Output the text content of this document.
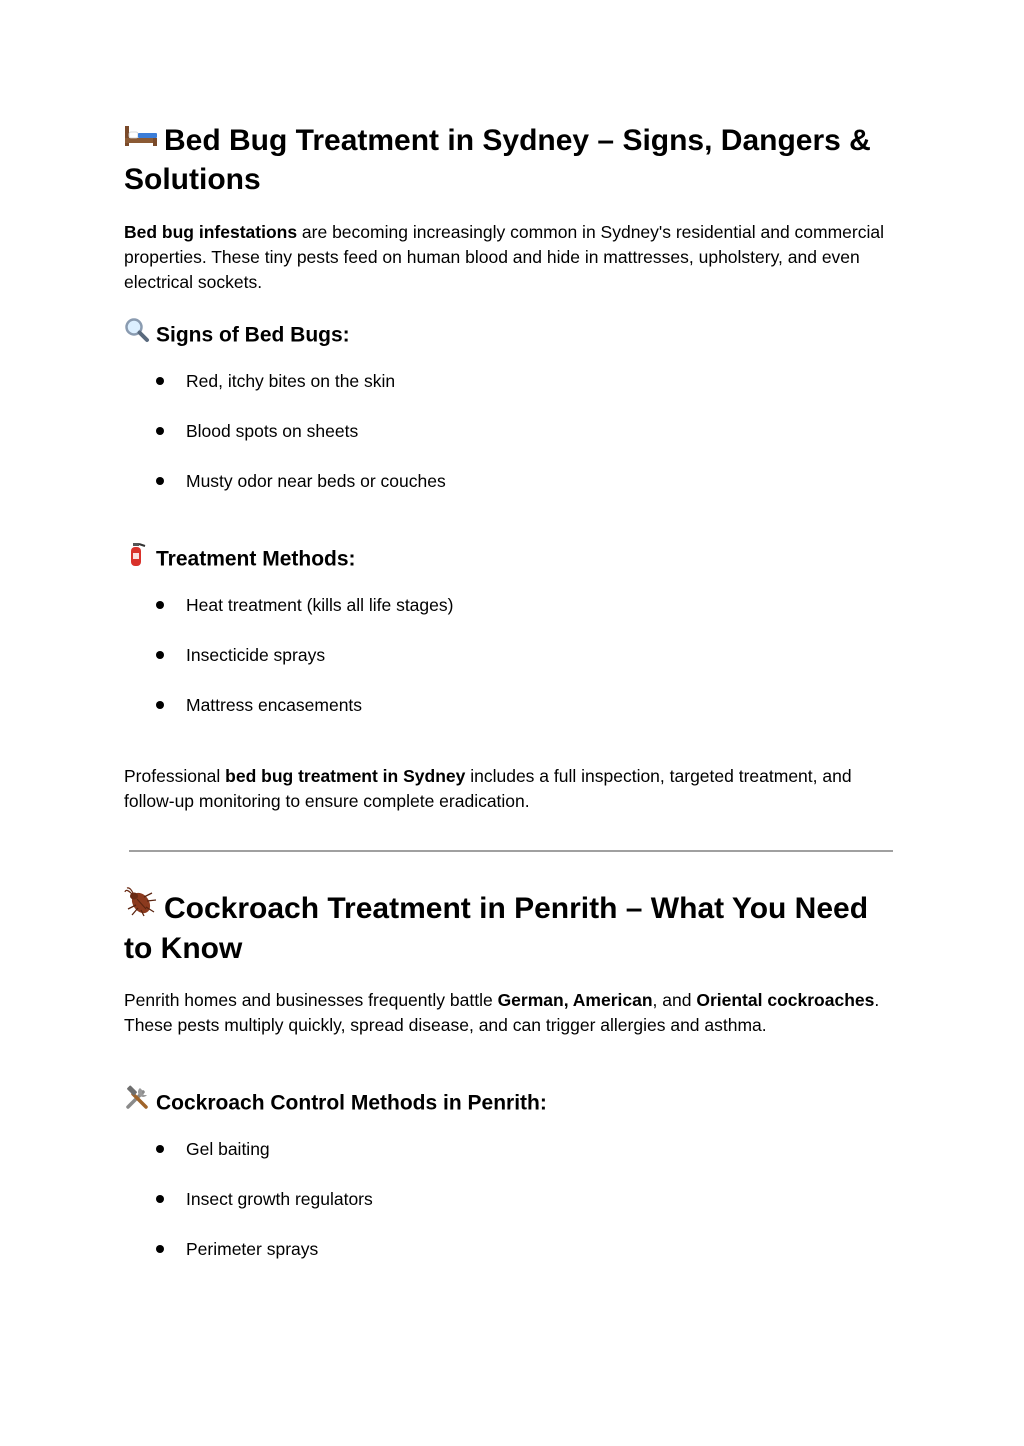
Bed Bug Treatment in Sydney – Signs, Dangers & Solutions

Bed bug infestations are becoming increasingly common in Sydney's residential and commercial properties. These tiny pests feed on human blood and hide in mattresses, upholstery, and even electrical sockets.

Signs of Bed Bugs:
Red, itchy bites on the skin
Blood spots on sheets
Musty odor near beds or couches
Treatment Methods:
Heat treatment (kills all life stages)
Insecticide sprays
Mattress encasements

Professional bed bug treatment in Sydney includes a full inspection, targeted treatment, and follow-up monitoring to ensure complete eradication.

Cockroach Treatment in Penrith – What You Need to Know

Penrith homes and businesses frequently battle German, American, and Oriental cockroaches. These pests multiply quickly, spread disease, and can trigger allergies and asthma.

Cockroach Control Methods in Penrith:
Gel baiting
Insect growth regulators
Perimeter sprays
